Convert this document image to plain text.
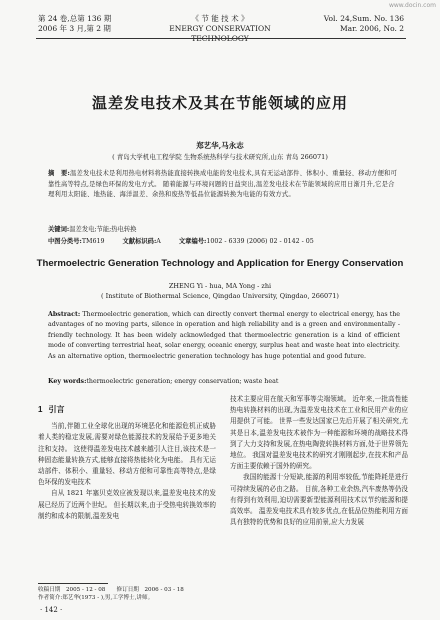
www.docin.com
第 24 卷,总第 136 期
2006 年 3 月,第 2 期
《 节 能 技 术 》
ENERGY CONSERVATION TECHNOLOGY
Vol. 24,Sum. No. 136
Mar. 2006, No. 2
温差发电技术及其在节能领域的应用
郑艺华,马永志
( 青岛大学机电工程学院 生物系统热科学与技术研究所,山东 青岛 266071)
摘　要:温差发电技术是利用热电材料将热能直接转换成电能的发电技术,具有无运动部件、体积小、重量轻、移动方便和可靠性高等特点,是绿色环保的发电方式。 随着能源与环境问题的日益突出,温差发电技术在节能领域的应用日渐月升,它是合理利用太阳能、地热能、海洋温差、余热和废热等低品位能源转换为电能的有效方式。
关键词:温差发电;节能;热电转换
中图分类号:TM619	文献标识码:A	文章编号:1002 - 6339 (2006) 02 - 0142 - 05
Thermoelectric Generation Technology and Application for Energy Conservation
ZHENG Yi - hua, MA Yong - zhi
( Institute of Biothermal Science, Qingdao University, Qingdao, 266071)
Abstract: Thermoelectric generation, which can directly convert thermal energy to electrical energy, has the advantages of no moving parts, silence in operation and high reliability and is a green and environmentally - friendly technology. It has been widely acknowledged that thermoelectric generation is a kind of efficient mode of converting terrestrial heat, solar energy, oceanic energy, surplus heat and waste heat into electricity. As an alternative option, thermoelectric generation technology has huge potential and good future.
Key words:thermoelectric generation; energy conservation; waste heat
1 引言

当前,伴随工业全球化出现的环境恶化和能源危机正威胁着人类的稳定发展,需要对绿色能源技术的发展给予更多地关注和支持。 这使得温差发电技术越来越引人注目,该技术是一种固态能量转换方式,能够直接将热能转化为电能。 具有无运动部件、体积小、重量轻、移动方便和可靠性高等特点,是绿色环保的发电技术

自从 1821 年塞贝克效应被发现以来,温差发电技术的发展已经历了近两个世纪。 但长期以来,由于受热电转换效率的制约和成本的限制,温差发电

技术主要应用在航天和军事等尖端领域。 近年来,一批高性能热电转换材料的出现,为温差发电技术在工业和民用产业的应用提供了可能。 世界一些发达国家已先后开展了相关研究,尤其是日本,温差发电技术被作为一种能源和环境的战略技术得到了大力支持和发展,在热电陶瓷转换材料方面,处于世界领先地位。 我国对温差发电技术的研究才刚刚起步,在技术和产品方面主要依赖于国外的研究。

我国的能源十分短缺,能源的利用率较低,节能降耗是进行可持续发展的必由之路。 目前,各种工业余热,汽车废热等仍没有得到有效利用,迫切需要新型能源利用技术以节约能源和提高效率。 温差发电技术具有较多优点,在低品位热能利用方面具有独特的优势和良好的应用前景,应大力发展

收稿日期　2005 - 12 - 08　　修订日期　2006 - 03 - 18
作者简介:郑艺华(1973 - ),男,工学博士,讲师。
· 142 ·
